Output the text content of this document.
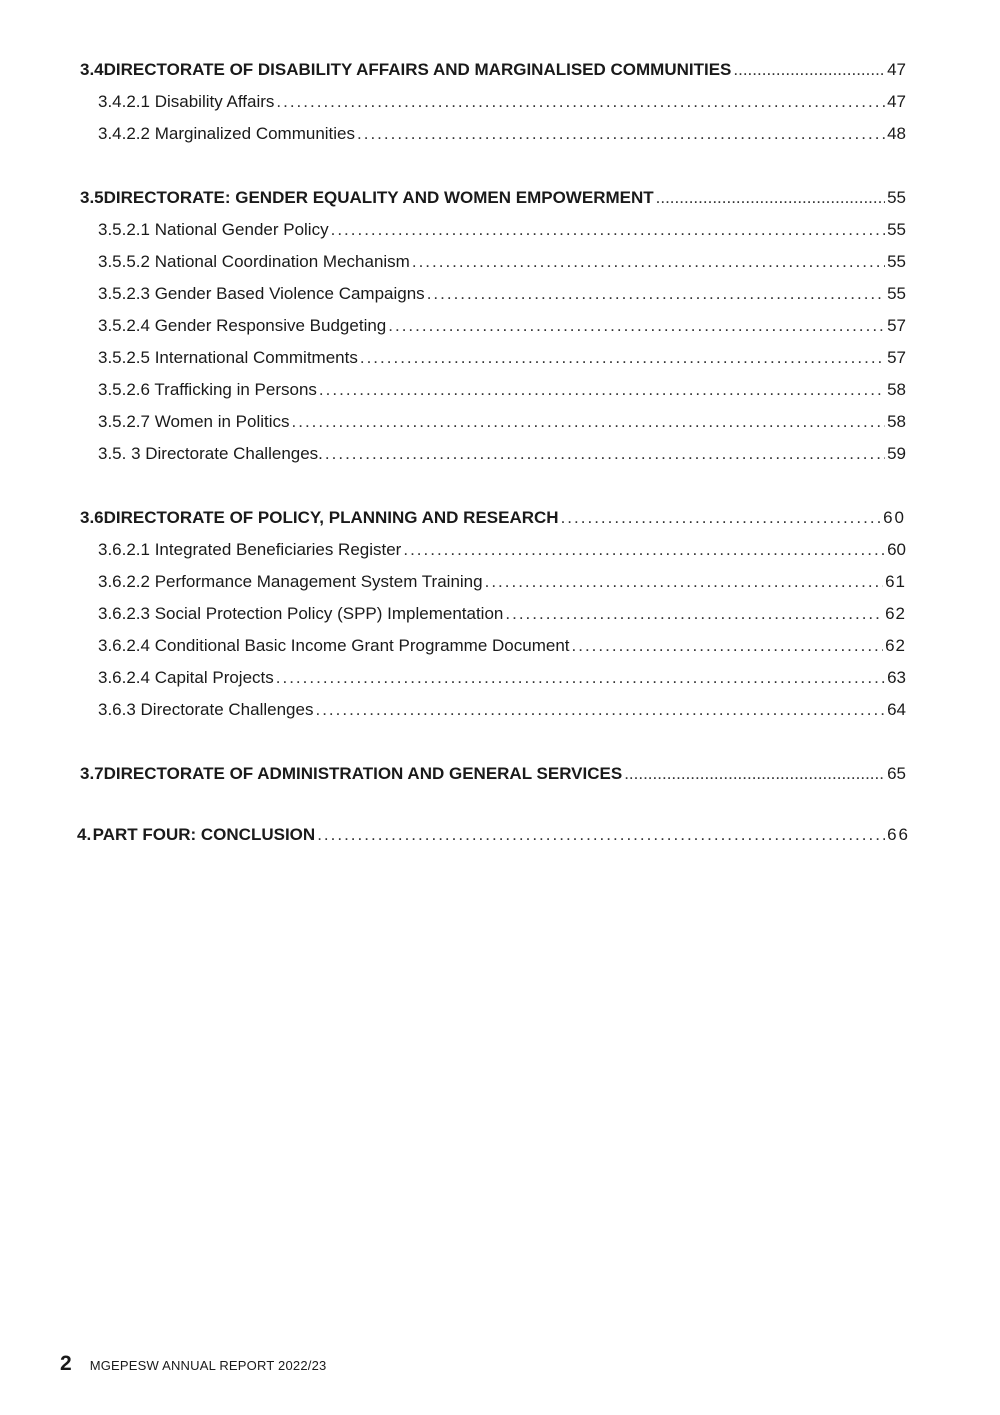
3.4 DIRECTORATE OF DISABILITY AFFAIRS AND MARGINALISED COMMUNITIES .....	47
3.4.2.1 Disability Affairs .....	47
3.4.2.2 Marginalized Communities .....	48
3.5 DIRECTORATE: GENDER EQUALITY AND WOMEN EMPOWERMENT .....	55
3.5.2.1 National Gender Policy .....	55
3.5.5.2 National Coordination Mechanism .....	55
3.5.2.3 Gender Based Violence Campaigns .....	55
3.5.2.4 Gender Responsive Budgeting .....	57
3.5.2.5 International Commitments .....	57
3.5.2.6 Trafficking in Persons .....	58
3.5.2.7 Women in Politics .....	58
3.5. 3 Directorate Challenges. .....	59
3.6 DIRECTORATE OF POLICY, PLANNING AND RESEARCH .....	60
3.6.2.1 Integrated Beneficiaries Register .....	60
3.6.2.2 Performance Management System Training .....	61
3.6.2.3 Social Protection Policy (SPP) Implementation .....	62
3.6.2.4 Conditional Basic Income Grant Programme Document .....	62
3.6.2.4 Capital Projects .....	63
3.6.3 Directorate Challenges .....	64
3.7 DIRECTORATE OF ADMINISTRATION AND GENERAL SERVICES .....	65
4. PART FOUR: CONCLUSION .....	66
2 MGEPESW ANNUAL REPORT 2022/23
